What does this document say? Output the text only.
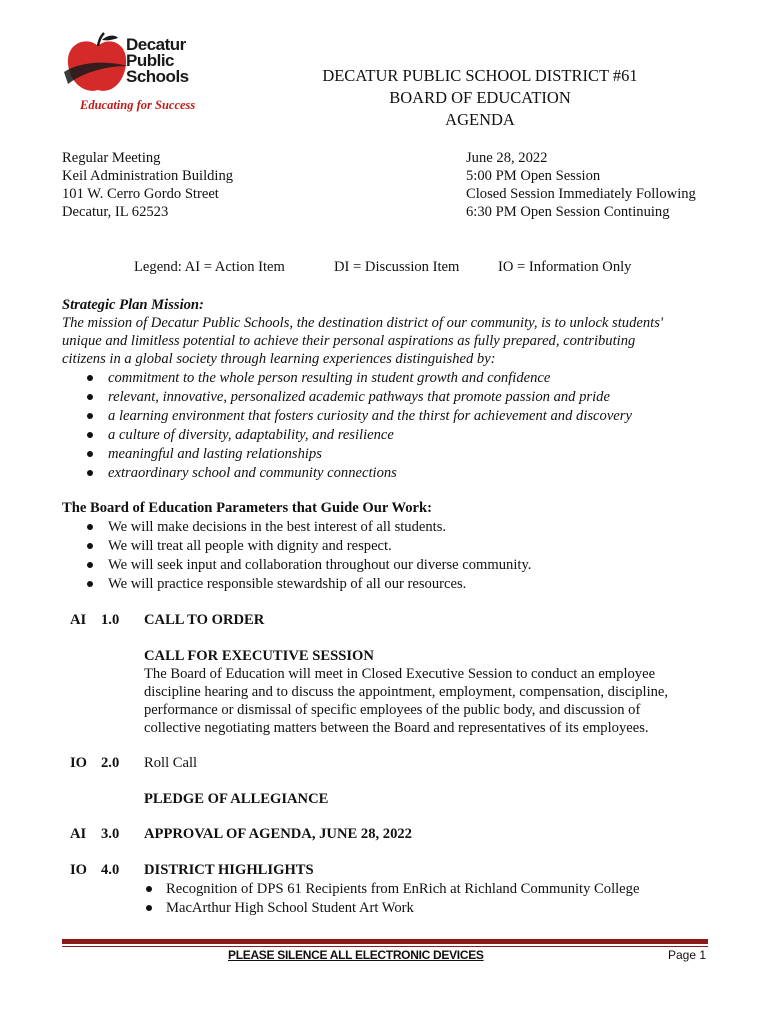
Decatur
Public
Schools
Educating for Success
DECATUR PUBLIC SCHOOL DISTRICT #61
BOARD OF EDUCATION
AGENDA
Regular Meeting
Keil Administration Building
101 W. Cerro Gordo Street
Decatur, IL 62523
June 28, 2022
5:00 PM Open Session
Closed Session Immediately Following
6:30 PM Open Session Continuing
Legend: AI = Action Item	DI = Discussion Item	IO = Information Only
Strategic Plan Mission:
The mission of Decatur Public Schools, the destination district of our community, is to unlock students'
unique and limitless potential to achieve their personal aspirations as fully prepared, contributing
citizens in a global society through learning experiences distinguished by:
commitment to the whole person resulting in student growth and confidence
relevant, innovative, personalized academic pathways that promote passion and pride
a learning environment that fosters curiosity and the thirst for achievement and discovery
a culture of diversity, adaptability, and resilience
meaningful and lasting relationships
extraordinary school and community connections
The Board of Education Parameters that Guide Our Work:
We will make decisions in the best interest of all students.
We will treat all people with dignity and respect.
We will seek input and collaboration throughout our diverse community.
We will practice responsible stewardship of all our resources.
AI 1.0 CALL TO ORDER
CALL FOR EXECUTIVE SESSION
The Board of Education will meet in Closed Executive Session to conduct an employee
discipline hearing and to discuss the appointment, employment, compensation, discipline,
performance or dismissal of specific employees of the public body, and discussion of
collective negotiating matters between the Board and representatives of its employees.
IO 2.0 Roll Call
PLEDGE OF ALLEGIANCE
AI 3.0 APPROVAL OF AGENDA, JUNE 28, 2022
IO 4.0 DISTRICT HIGHLIGHTS
Recognition of DPS 61 Recipients from EnRich at Richland Community College
MacArthur High School Student Art Work
PLEASE SILENCE ALL ELECTRONIC DEVICES	Page 1
